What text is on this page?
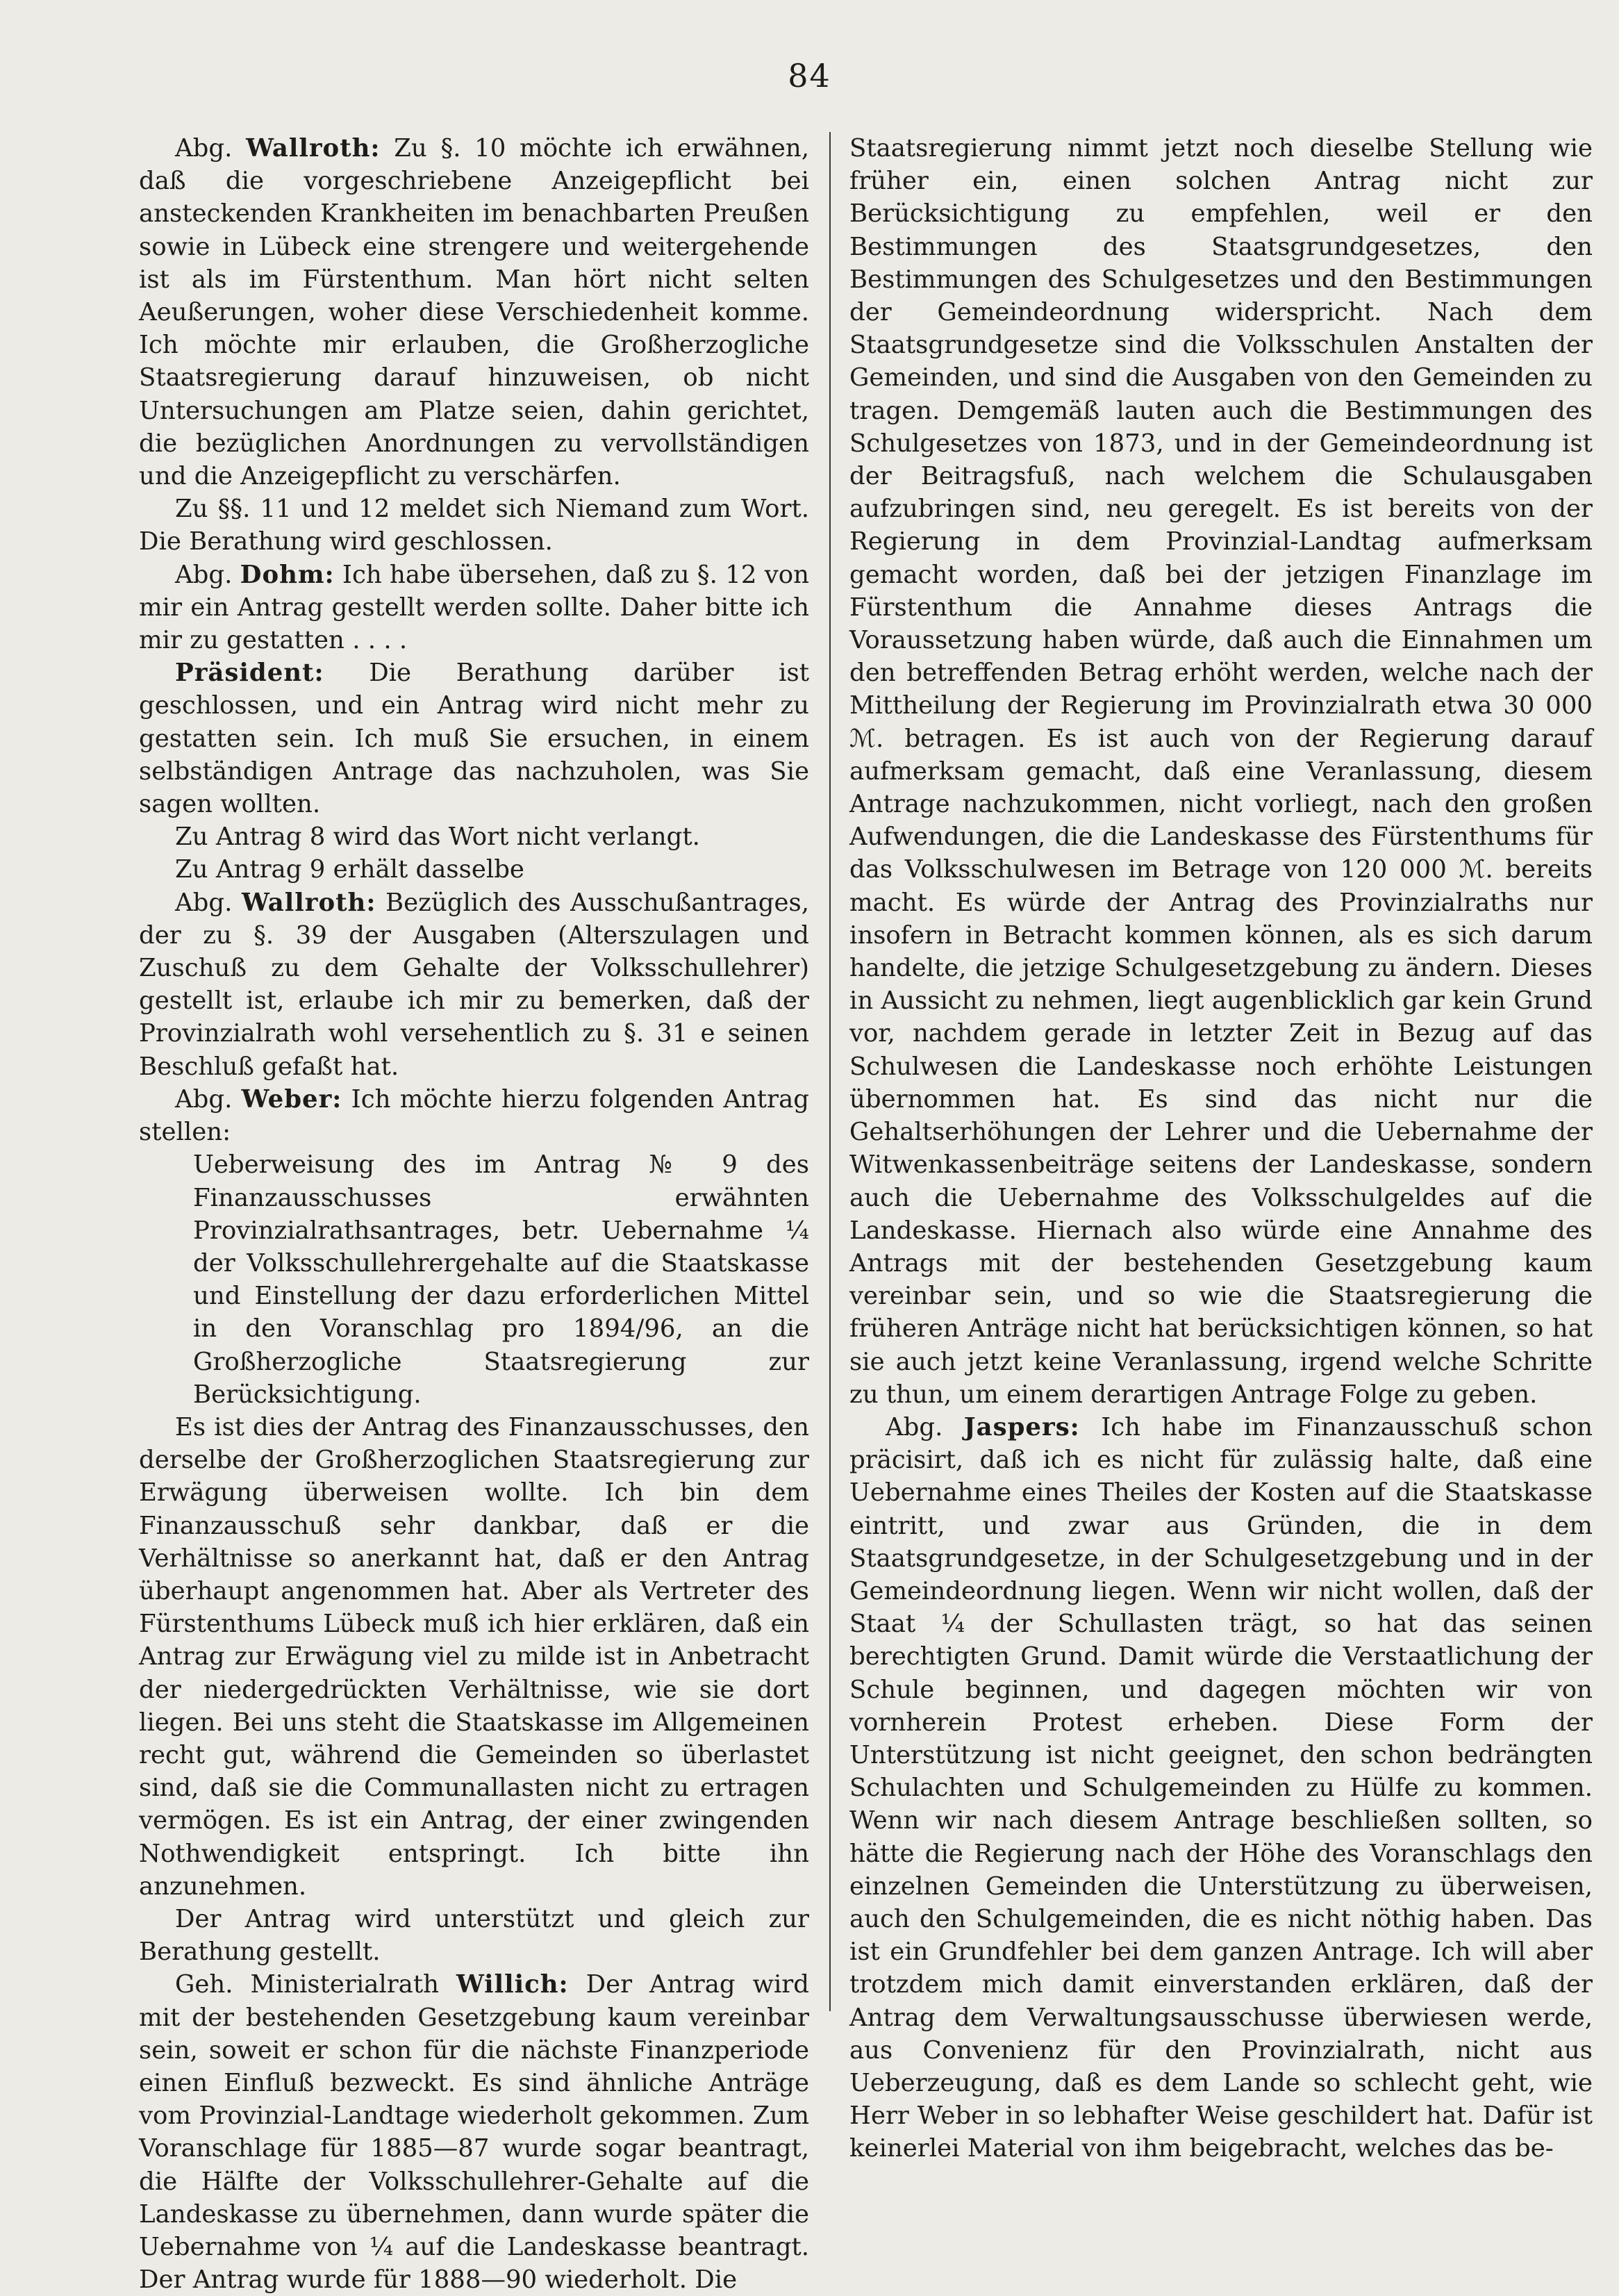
84

Abg. Wallroth: Zu §. 10 möchte ich erwähnen, daß die vorgeschriebene Anzeigepflicht bei ansteckenden Krankheiten im benachbarten Preußen sowie in Lübeck eine strengere und weitergehende ist als im Fürstenthum. Man hört nicht selten Aeußerungen, woher diese Verschiedenheit komme. Ich möchte mir erlauben, die Großherzogliche Staatsregierung darauf hinzuweisen, ob nicht Untersuchungen am Platze seien, dahin gerichtet, die bezüglichen Anordnungen zu vervollständigen und die Anzeigepflicht zu verschärfen.

Zu §§. 11 und 12 meldet sich Niemand zum Wort. Die Berathung wird geschlossen.

Abg. Dohm: Ich habe übersehen, daß zu §. 12 von mir ein Antrag gestellt werden sollte. Daher bitte ich mir zu gestatten . . . .

Präsident: Die Berathung darüber ist geschlossen, und ein Antrag wird nicht mehr zu gestatten sein. Ich muß Sie ersuchen, in einem selbständigen Antrage das nachzuholen, was Sie sagen wollten.

Zu Antrag 8 wird das Wort nicht verlangt.

Zu Antrag 9 erhält dasselbe

Abg. Wallroth: Bezüglich des Ausschußantrages, der zu §. 39 der Ausgaben (Alterszulagen und Zuschuß zu dem Gehalte der Volksschullehrer) gestellt ist, erlaube ich mir zu bemerken, daß der Provinzialrath wohl versehentlich zu §. 31 e seinen Beschluß gefaßt hat.

Abg. Weber: Ich möchte hierzu folgenden Antrag stellen:

Ueberweisung des im Antrag № 9 des Finanzausschusses erwähnten Provinzialrathsantrages, betr. Uebernahme ¼ der Volksschullehrergehalte auf die Staatskasse und Einstellung der dazu erforderlichen Mittel in den Voranschlag pro 1894/96, an die Großherzogliche Staatsregierung zur Berücksichtigung.

Es ist dies der Antrag des Finanzausschusses, den derselbe der Großherzoglichen Staatsregierung zur Erwägung überweisen wollte. Ich bin dem Finanzausschuß sehr dankbar, daß er die Verhältnisse so anerkannt hat, daß er den Antrag überhaupt angenommen hat. Aber als Vertreter des Fürstenthums Lübeck muß ich hier erklären, daß ein Antrag zur Erwägung viel zu milde ist in Anbetracht der niedergedrückten Verhältnisse, wie sie dort liegen. Bei uns steht die Staatskasse im Allgemeinen recht gut, während die Gemeinden so überlastet sind, daß sie die Communallasten nicht zu ertragen vermögen. Es ist ein Antrag, der einer zwingenden Nothwendigkeit entspringt. Ich bitte ihn anzunehmen.

Der Antrag wird unterstützt und gleich zur Berathung gestellt.

Geh. Ministerialrath Willich: Der Antrag wird mit der bestehenden Gesetzgebung kaum vereinbar sein, soweit er schon für die nächste Finanzperiode einen Einfluß bezweckt. Es sind ähnliche Anträge vom Provinzial-Landtage wiederholt gekommen. Zum Voranschlage für 1885—87 wurde sogar beantragt, die Hälfte der Volksschullehrer-Gehalte auf die Landeskasse zu übernehmen, dann wurde später die Uebernahme von ¼ auf die Landeskasse beantragt. Der Antrag wurde für 1888—90 wiederholt. Die

Staatsregierung nimmt jetzt noch dieselbe Stellung wie früher ein, einen solchen Antrag nicht zur Berücksichtigung zu empfehlen, weil er den Bestimmungen des Staatsgrundgesetzes, den Bestimmungen des Schulgesetzes und den Bestimmungen der Gemeindeordnung widerspricht. Nach dem Staatsgrundgesetze sind die Volksschulen Anstalten der Gemeinden, und sind die Ausgaben von den Gemeinden zu tragen. Demgemäß lauten auch die Bestimmungen des Schulgesetzes von 1873, und in der Gemeindeordnung ist der Beitragsfuß, nach welchem die Schulausgaben aufzubringen sind, neu geregelt. Es ist bereits von der Regierung in dem Provinzial-Landtag aufmerksam gemacht worden, daß bei der jetzigen Finanzlage im Fürstenthum die Annahme dieses Antrags die Voraussetzung haben würde, daß auch die Einnahmen um den betreffenden Betrag erhöht werden, welche nach der Mittheilung der Regierung im Provinzialrath etwa 30 000 ℳ. betragen. Es ist auch von der Regierung darauf aufmerksam gemacht, daß eine Veranlassung, diesem Antrage nachzukommen, nicht vorliegt, nach den großen Aufwendungen, die die Landeskasse des Fürstenthums für das Volksschulwesen im Betrage von 120 000 ℳ. bereits macht. Es würde der Antrag des Provinzialraths nur insofern in Betracht kommen können, als es sich darum handelte, die jetzige Schulgesetzgebung zu ändern. Dieses in Aussicht zu nehmen, liegt augenblicklich gar kein Grund vor, nachdem gerade in letzter Zeit in Bezug auf das Schulwesen die Landeskasse noch erhöhte Leistungen übernommen hat. Es sind das nicht nur die Gehaltserhöhungen der Lehrer und die Uebernahme der Witwenkassenbeiträge seitens der Landeskasse, sondern auch die Uebernahme des Volksschulgeldes auf die Landeskasse. Hiernach also würde eine Annahme des Antrags mit der bestehenden Gesetzgebung kaum vereinbar sein, und so wie die Staatsregierung die früheren Anträge nicht hat berücksichtigen können, so hat sie auch jetzt keine Veranlassung, irgend welche Schritte zu thun, um einem derartigen Antrage Folge zu geben.

Abg. Jaspers: Ich habe im Finanzausschuß schon präcisirt, daß ich es nicht für zulässig halte, daß eine Uebernahme eines Theiles der Kosten auf die Staatskasse eintritt, und zwar aus Gründen, die in dem Staatsgrundgesetze, in der Schulgesetzgebung und in der Gemeindeordnung liegen. Wenn wir nicht wollen, daß der Staat ¼ der Schullasten trägt, so hat das seinen berechtigten Grund. Damit würde die Verstaatlichung der Schule beginnen, und dagegen möchten wir von vornherein Protest erheben. Diese Form der Unterstützung ist nicht geeignet, den schon bedrängten Schulachten und Schulgemeinden zu Hülfe zu kommen. Wenn wir nach diesem Antrage beschließen sollten, so hätte die Regierung nach der Höhe des Voranschlags den einzelnen Gemeinden die Unterstützung zu überweisen, auch den Schulgemeinden, die es nicht nöthig haben. Das ist ein Grundfehler bei dem ganzen Antrage. Ich will aber trotzdem mich damit einverstanden erklären, daß der Antrag dem Verwaltungsausschusse überwiesen werde, aus Convenienz für den Provinzialrath, nicht aus Ueberzeugung, daß es dem Lande so schlecht geht, wie Herr Weber in so lebhafter Weise geschildert hat. Dafür ist keinerlei Material von ihm beigebracht, welches das be-
